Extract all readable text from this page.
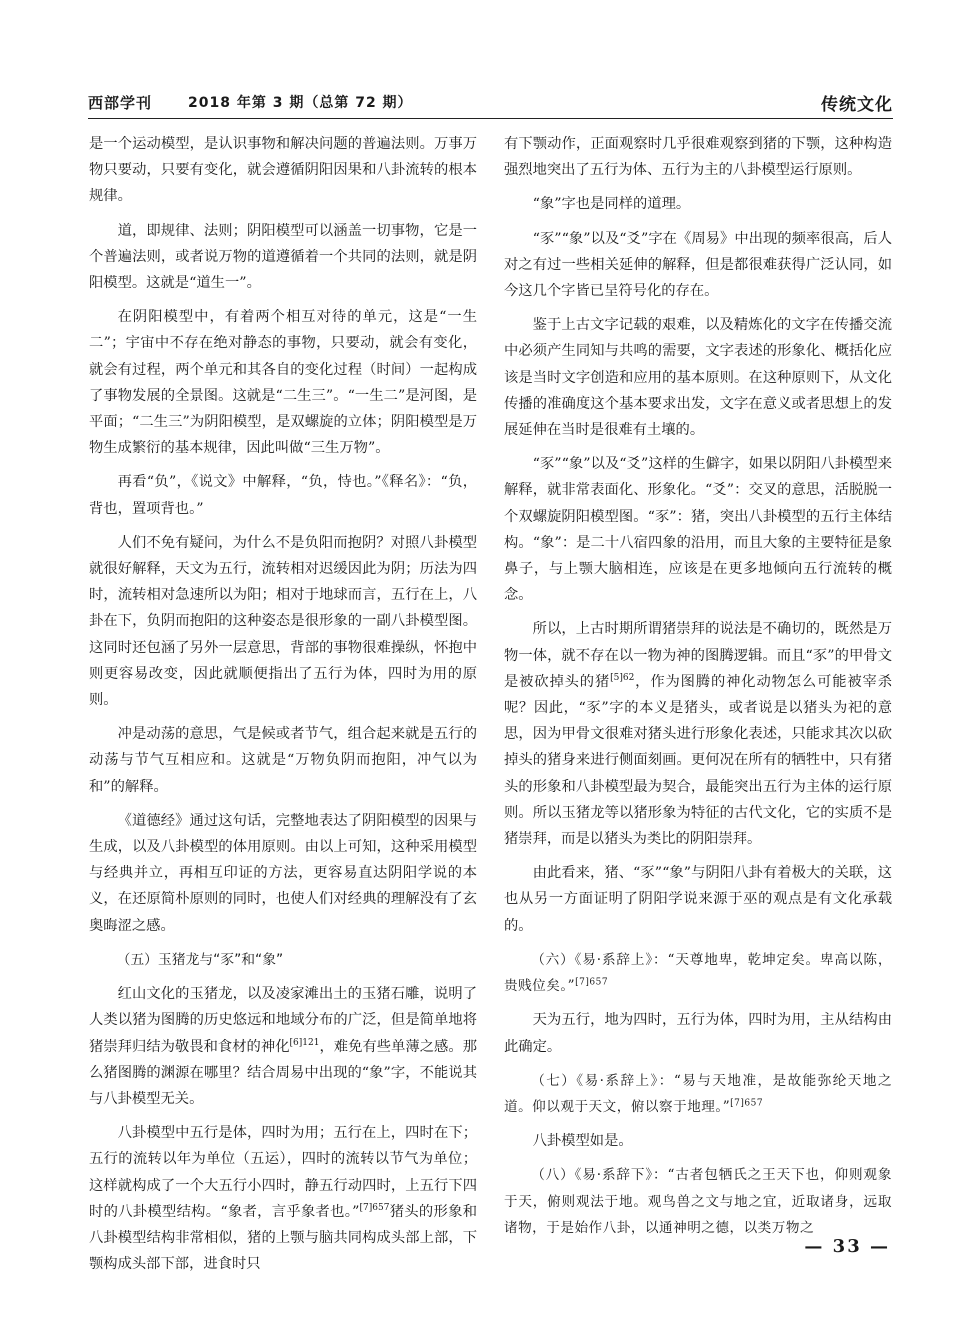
西部学刊	2018 年第 3 期（总第 72 期）	传统文化

是一个运动模型，是认识事物和解决问题的普遍法则。万事万物只要动，只要有变化，就会遵循阴阳因果和八卦流转的根本规律。

道，即规律、法则；阴阳模型可以涵盖一切事物，它是一个普遍法则，或者说万物的道遵循着一个共同的法则，就是阴阳模型。这就是“道生一”。

在阴阳模型中，有着两个相互对待的单元，这是“一生二”；宇宙中不存在绝对静态的事物，只要动，就会有变化，就会有过程，两个单元和其各自的变化过程（时间）一起构成了事物发展的全景图。这就是“二生三”。“一生二”是河图，是平面；“二生三”为阴阳模型，是双螺旋的立体；阴阳模型是万物生成繁衍的基本规律，因此叫做“三生万物”。

再看“负”，《说文》中解释，“负，恃也。”《释名》：“负，背也，置项背也。”

人们不免有疑问，为什么不是负阳而抱阴？对照八卦模型就很好解释，天文为五行，流转相对迟缓因此为阴；历法为四时，流转相对急速所以为阳；相对于地球而言，五行在上，八卦在下，负阴而抱阳的这种姿态是很形象的一副八卦模型图。这同时还包涵了另外一层意思，背部的事物很难操纵，怀抱中则更容易改变，因此就顺便指出了五行为体，四时为用的原则。

冲是动荡的意思，气是候或者节气，组合起来就是五行的动荡与节气互相应和。这就是“万物负阴而抱阳，冲气以为和”的解释。

《道德经》通过这句话，完整地表达了阴阳模型的因果与生成，以及八卦模型的体用原则。由以上可知，这种采用模型与经典并立，再相互印证的方法，更容易直达阴阳学说的本义，在还原简朴原则的同时，也使人们对经典的理解没有了玄奥晦涩之感。

（五）玉猪龙与“豕”和“象”

红山文化的玉猪龙，以及凌家滩出土的玉猪石雕，说明了人类以猪为图腾的历史悠远和地域分布的广泛，但是简单地将猪崇拜归结为敬畏和食材的神化$^{[6]121}$，难免有些单薄之感。那么猪图腾的渊源在哪里？结合周易中出现的“象”字，不能说其与八卦模型无关。

八卦模型中五行是体，四时为用；五行在上，四时在下；五行的流转以年为单位（五运），四时的流转以节气为单位；这样就构成了一个大五行小四时，静五行动四时，上五行下四时的八卦模型结构。“象者，言乎象者也。”$^{[7]657}$猪头的形象和八卦模型结构非常相似，猪的上颚与脑共同构成头部上部，下颚构成头部下部，进食时只

有下颚动作，正面观察时几乎很难观察到猪的下颚，这种构造强烈地突出了五行为体、五行为主的八卦模型运行原则。

“象”字也是同样的道理。

“豕”“象”以及“爻”字在《周易》中出现的频率很高，后人对之有过一些相关延伸的解释，但是都很难获得广泛认同，如今这几个字皆已呈符号化的存在。

鉴于上古文字记载的艰难，以及精炼化的文字在传播交流中必须产生同知与共鸣的需要，文字表述的形象化、概括化应该是当时文字创造和应用的基本原则。在这种原则下，从文化传播的准确度这个基本要求出发，文字在意义或者思想上的发展延伸在当时是很难有土壤的。

“豕”“象”以及“爻”这样的生僻字，如果以阴阳八卦模型来解释，就非常表面化、形象化。“爻”：交叉的意思，活脱脱一个双螺旋阴阳模型图。“豕”：猪，突出八卦模型的五行主体结构。“象”：是二十八宿四象的沿用，而且大象的主要特征是象鼻子，与上颚大脑相连，应该是在更多地倾向五行流转的概念。

所以，上古时期所谓猪崇拜的说法是不确切的，既然是万物一体，就不存在以一物为神的图腾逻辑。而且“豕”的甲骨文是被砍掉头的猪$^{[5]62}$，作为图腾的神化动物怎么可能被宰杀呢？因此，“豕”字的本义是猪头，或者说是以猪头为祀的意思，因为甲骨文很难对猪头进行形象化表述，只能求其次以砍掉头的猪身来进行侧面刻画。更何况在所有的牺牲中，只有猪头的形象和八卦模型最为契合，最能突出五行为主体的运行原则。所以玉猪龙等以猪形象为特征的古代文化，它的实质不是猪崇拜，而是以猪头为类比的阴阳崇拜。

由此看来，猪、“豕”“象”与阴阳八卦有着极大的关联，这也从另一方面证明了阴阳学说来源于巫的观点是有文化承载的。

（六）《易·系辞上》：“天尊地卑，乾坤定矣。卑高以陈，贵贱位矣。”$^{[7]657}$

天为五行，地为四时，五行为体，四时为用，主从结构由此确定。

（七）《易·系辞上》：“易与天地准，是故能弥纶天地之道。仰以观于天文，俯以察于地理。”$^{[7]657}$

八卦模型如是。

（八）《易·系辞下》：“古者包牺氏之王天下也，仰则观象于天，俯则观法于地。观鸟兽之文与地之宜，近取诸身，远取诸物，于是始作八卦，以通神明之德，以类万物之

— 33 —
